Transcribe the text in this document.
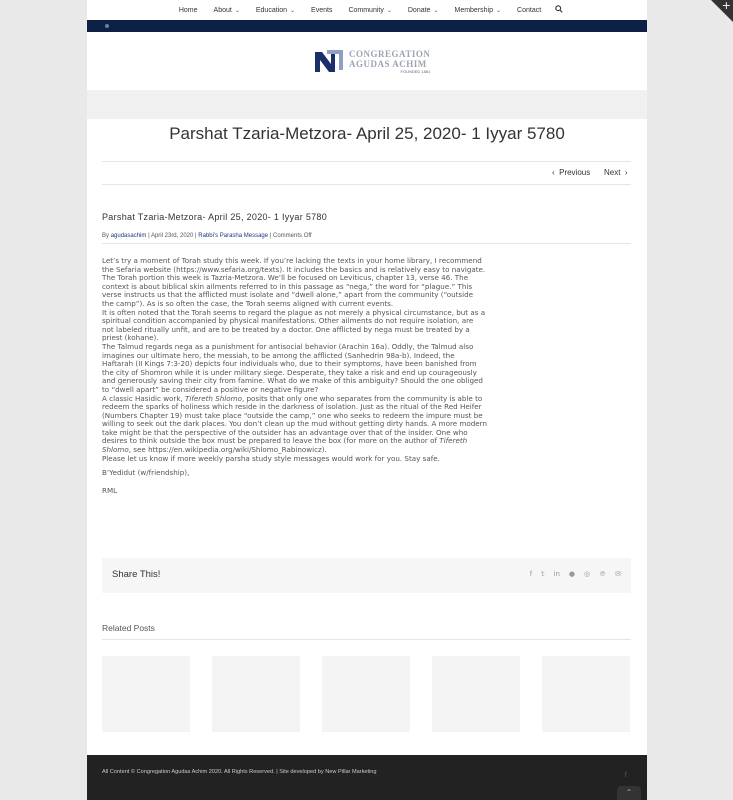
+
Home About ⌄ Education ⌄ Events Community ⌄ Donate ⌄ Membership ⌄ Contact
CONGREGATION
AGUDAS ACHIM
FOUNDED 1881
Parshat Tzaria-Metzora- April 25, 2020- 1 Iyyar 5780
‹  Previous Next  ›
Parshat Tzaria-Metzora- April 25, 2020- 1 Iyyar 5780
By agudasachim | April 23rd, 2020 | Rabbi's Parasha Message | Comments Off

Let’s try a moment of Torah study this week. If you’re lacking the texts in your home library, I recommend the Sefaria website (https://www.sefaria.org/texts). It includes the basics and is relatively easy to navigate.

The Torah portion this week is Tazria-Metzora. We’ll be focused on Leviticus, chapter 13, verse 46. The context is about biblical skin ailments referred to in this passage as “nega,” the word for “plague.” This verse instructs us that the afflicted must isolate and “dwell alone,” apart from the community (“outside the camp”). As is so often the case, the Torah seems aligned with current events.

It is often noted that the Torah seems to regard the plague as not merely a physical circumstance, but as a spiritual condition accompanied by physical manifestations. Other ailments do not require isolation, are not labeled ritually unfit, and are to be treated by a doctor. One afflicted by nega must be treated by a priest (kohane).

The Talmud regards nega as a punishment for antisocial behavior (Arachin 16a). Oddly, the Talmud also imagines our ultimate hero, the messiah, to be among the afflicted (Sanhedrin 98a-b). Indeed, the Haftarah (II Kings 7:3-20) depicts four individuals who, due to their symptoms, have been banished from the city of Shomron while it is under military siege. Desperate, they take a risk and end up courageously and generously saving their city from famine. What do we make of this ambiguity? Should the one obliged to “dwell apart” be considered a positive or negative figure?

A classic Hasidic work, Tifereth Shlomo, posits that only one who separates from the community is able to redeem the sparks of holiness which reside in the darkness of isolation. Just as the ritual of the Red Heifer (Numbers Chapter 19) must take place “outside the camp,” one who seeks to redeem the impure must be willing to seek out the dark places. You don’t clean up the mud without getting dirty hands. A more modern take might be that the perspective of the outsider has an advantage over that of the insider. One who desires to think outside the box must be prepared to leave the box (for more on the author of Tifereth Shlomo, see https://en.wikipedia.org/wiki/Shlomo_Rabinowicz).

Please let us know if more weekly parsha study style messages would work for you. Stay safe.

B’Yedidut (w/friendship),

RML

Share This!	f 𝕥 in ● ◎ ℗ ✉
Related Posts
All Content © Congregation Agudas Achim 2020. All Rights Reserved. | Site developed by New Pillar Marketing	f
⌃
